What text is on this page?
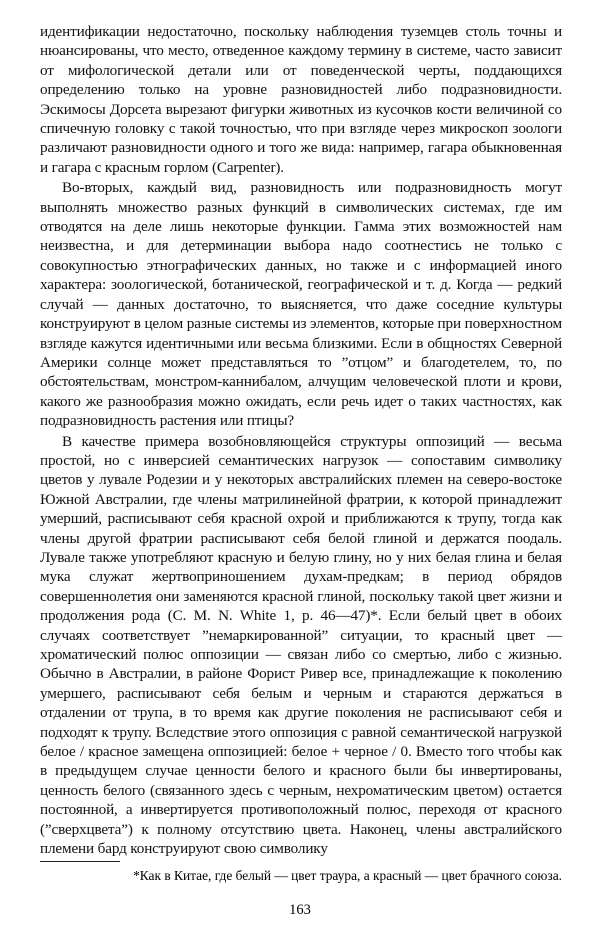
идентификации недостаточно, поскольку наблюдения туземцев столь точны и нюансированы, что место, отведенное каждому термину в системе, часто зависит от мифологической детали или от поведенческой черты, поддающихся определению только на уровне разновидностей либо подразновидности. Эскимосы Дорсета вырезают фигурки животных из кусочков кости величиной со спичечную головку с такой точностью, что при взгляде через микроскоп зоологи различают разновидности одного и того же вида: например, гагара обыкновенная и гагара с красным горлом (Carpenter).

Во-вторых, каждый вид, разновидность или подразновидность могут выполнять множество разных функций в символических системах, где им отводятся на деле лишь некоторые функции. Гамма этих возможностей нам неизвестна, и для детерминации выбора надо соотнестись не только с совокупностью этнографических данных, но также и с информацией иного характера: зоологической, ботанической, географической и т. д. Когда — редкий случай — данных достаточно, то выясняется, что даже соседние культуры конструируют в целом разные системы из элементов, которые при поверхностном взгляде кажутся идентичными или весьма близкими. Если в общностях Северной Америки солнце может представляться то ”отцом” и благодетелем, то, по обстоятельствам, монстром-каннибалом, алчущим человеческой плоти и крови, какого же разнообразия можно ожидать, если речь идет о таких частностях, как подразновидность растения или птицы?

В качестве примера возобновляющейся структуры оппозиций — весьма простой, но с инверсией семантических нагрузок — сопоставим символику цветов у лувале Родезии и у некоторых австралийских племен на северо-востоке Южной Австралии, где члены матрилинейной фратрии, к которой принадлежит умерший, расписывают себя красной охрой и приближаются к трупу, тогда как члены другой фратрии расписывают себя белой глиной и держатся поодаль. Лувале также употребляют красную и белую глину, но у них белая глина и белая мука служат жертвоприношением духам-предкам; в период обрядов совершеннолетия они заменяются красной глиной, поскольку такой цвет жизни и продолжения рода (C. M. N. White 1, p. 46—47)*. Если белый цвет в обоих случаях соответствует ”немаркированной” ситуации, то красный цвет — хроматический полюс оппозиции — связан либо со смертью, либо с жизнью. Обычно в Австралии, в районе Форист Ривер все, принадлежащие к поколению умершего, расписывают себя белым и черным и стараются держаться в отдалении от трупа, в то время как другие поколения не расписывают себя и подходят к трупу. Вследствие этого оппозиция с равной семантической нагрузкой белое / красное замещена оппозицией: белое + черное / 0. Вместо того чтобы как в предыдущем случае ценности белого и красного были бы инвертированы, ценность белого (связанного здесь с черным, нехроматическим цветом) остается постоянной, а инвертируется противоположный полюс, переходя от красного (”сверхцвета”) к полному отсутствию цвета. Наконец, члены австралийского племени бард конструируют свою символику

*Как в Китае, где белый — цвет траура, а красный — цвет брачного союза.
163
